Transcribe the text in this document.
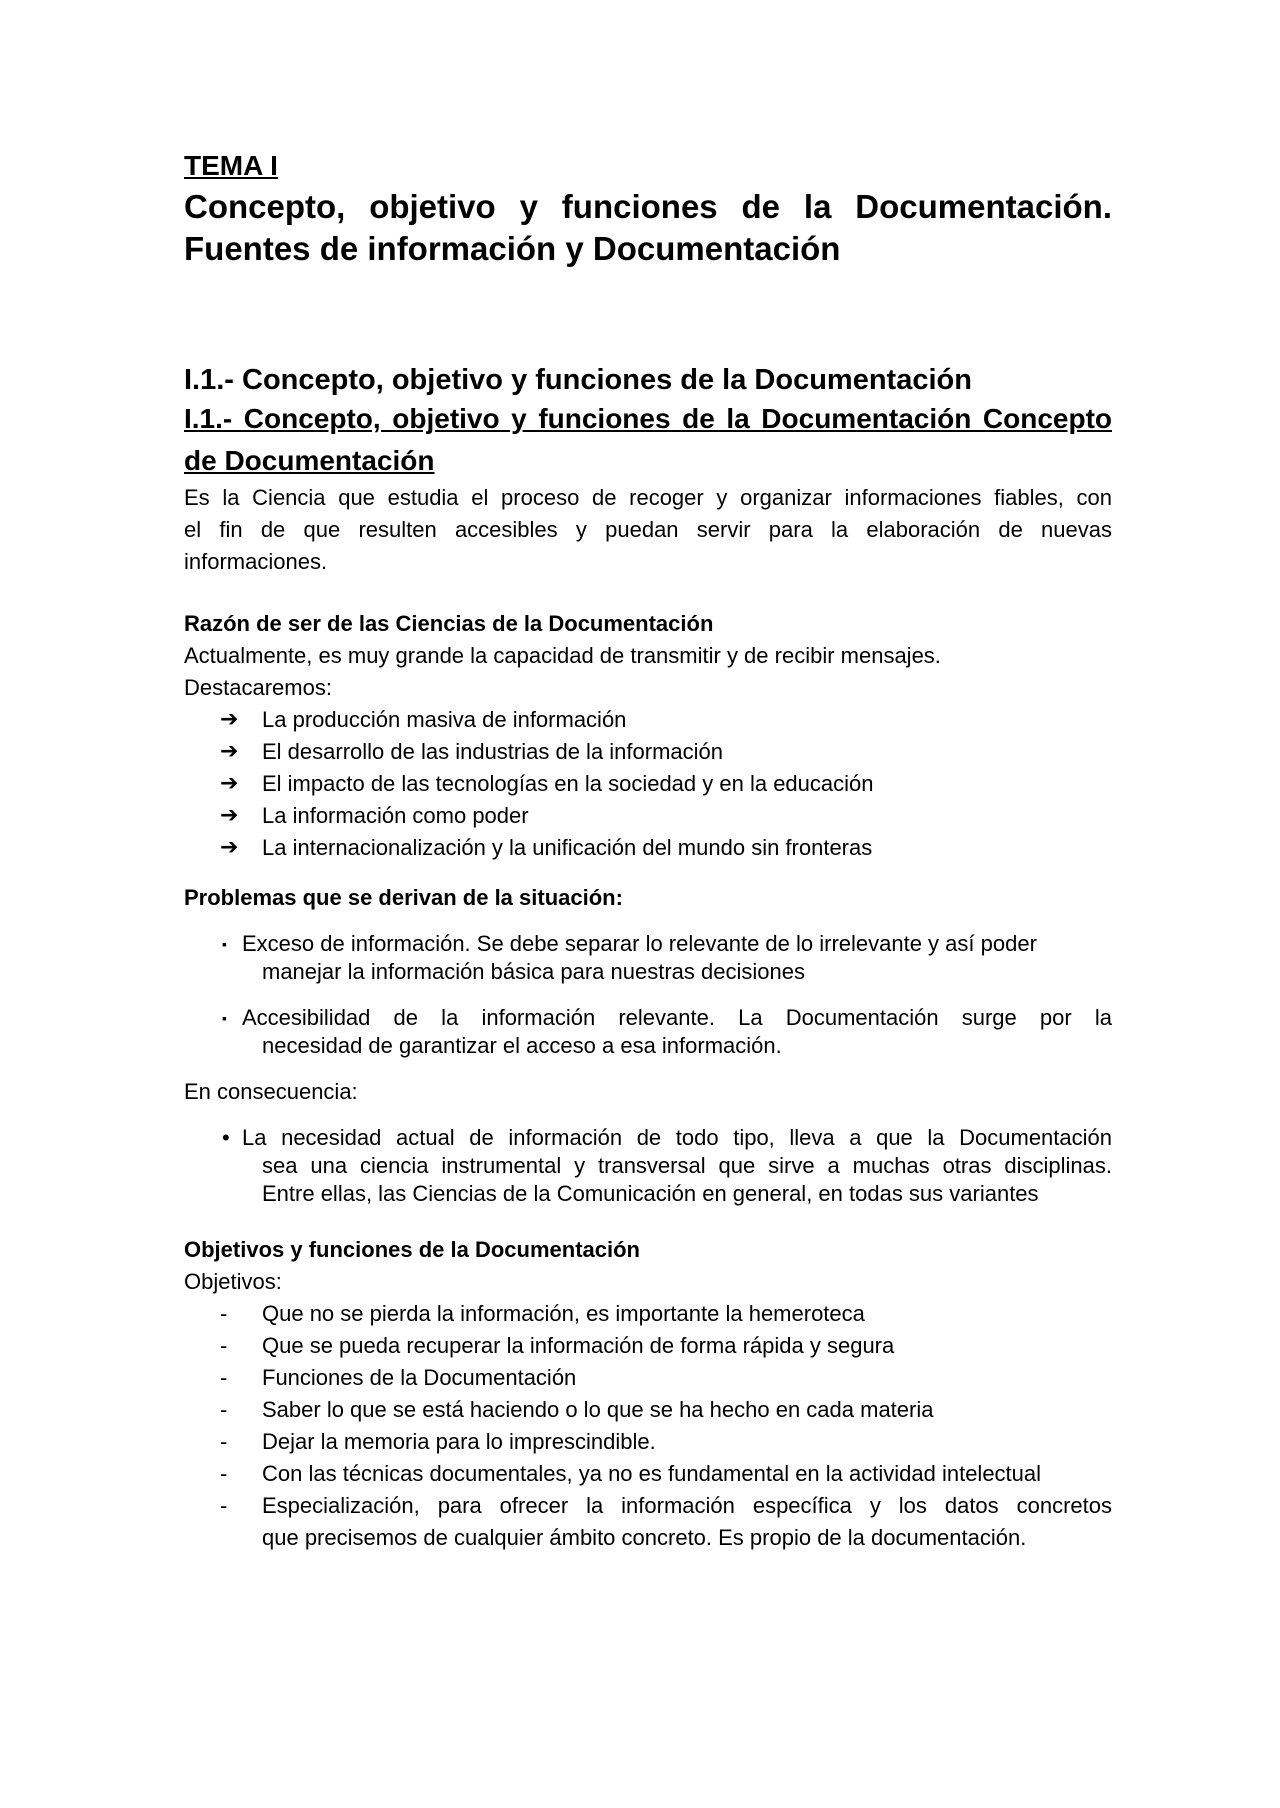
TEMA I

Concepto, objetivo y funciones de la Documentación.
Fuentes de información y Documentación
I.1.- Concepto, objetivo y funciones de la Documentación
I.1.- Concepto, objetivo y funciones de la Documentación Concepto
de Documentación

Es la Ciencia que estudia el proceso de recoger y organizar informaciones fiables, con
el fin de que resulten accesibles y puedan servir para la elaboración de nuevas
informaciones.

Razón de ser de las Ciencias de la Documentación

Actualmente, es muy grande la capacidad de transmitir y de recibir mensajes.

Destacaremos:

➔ La producción masiva de información
➔ El desarrollo de las industrias de la información
➔ El impacto de las tecnologías en la sociedad y en la educación
➔ La información como poder
➔ La internacionalización y la unificación del mundo sin fronteras

Problemas que se derivan de la situación:

▪ Exceso de información. Se debe separar lo relevante de lo irrelevante y así poder
manejar la información básica para nuestras decisiones
▪ Accesibilidad de la información relevante. La Documentación surge por la
necesidad de garantizar el acceso a esa información.

En consecuencia:

• La necesidad actual de información de todo tipo, lleva a que la Documentación
sea una ciencia instrumental y transversal que sirve a muchas otras disciplinas.
Entre ellas, las Ciencias de la Comunicación en general, en todas sus variantes

Objetivos y funciones de la Documentación

Objetivos:

- Que no se pierda la información, es importante la hemeroteca
- Que se pueda recuperar la información de forma rápida y segura
- Funciones de la Documentación
- Saber lo que se está haciendo o lo que se ha hecho en cada materia
- Dejar la memoria para lo imprescindible.
- Con las técnicas documentales, ya no es fundamental en la actividad intelectual
- Especialización, para ofrecer la información específica y los datos concretos
que precisemos de cualquier ámbito concreto. Es propio de la documentación.
